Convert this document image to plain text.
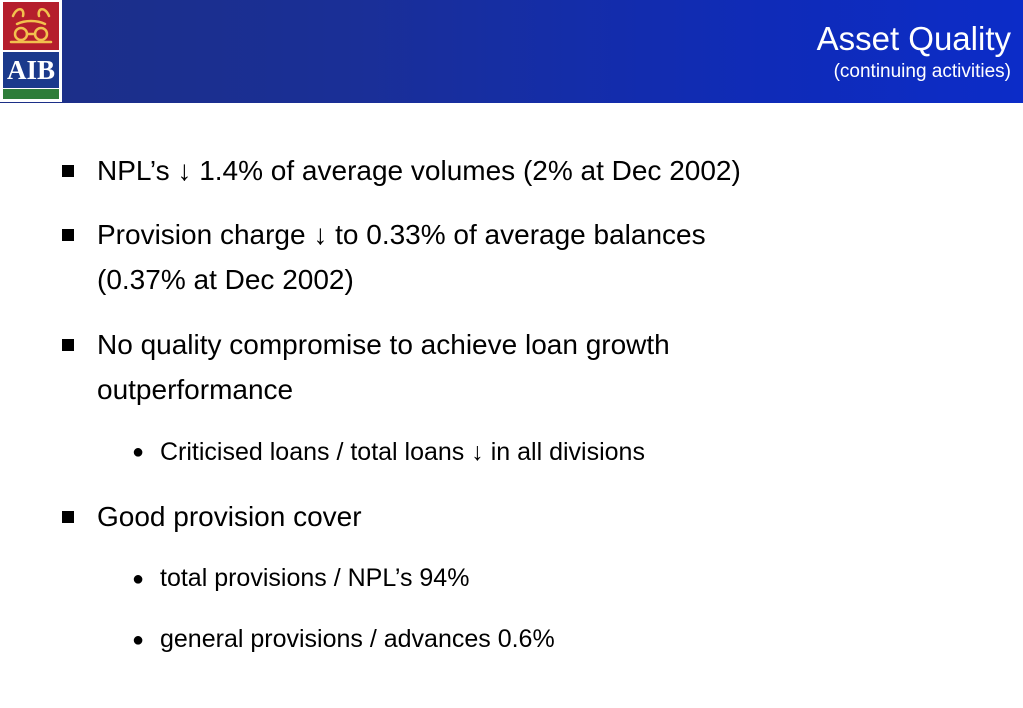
AIB
Asset Quality
(continuing activities)
NPL’s ↓ 1.4% of average volumes (2% at Dec 2002)
Provision charge ↓ to 0.33% of average balances
(0.37% at Dec 2002)
No quality compromise to achieve loan growth
outperformance
● Criticised loans / total loans ↓ in all divisions
Good provision cover
● total provisions / NPL’s 94%
● general provisions / advances 0.6%
